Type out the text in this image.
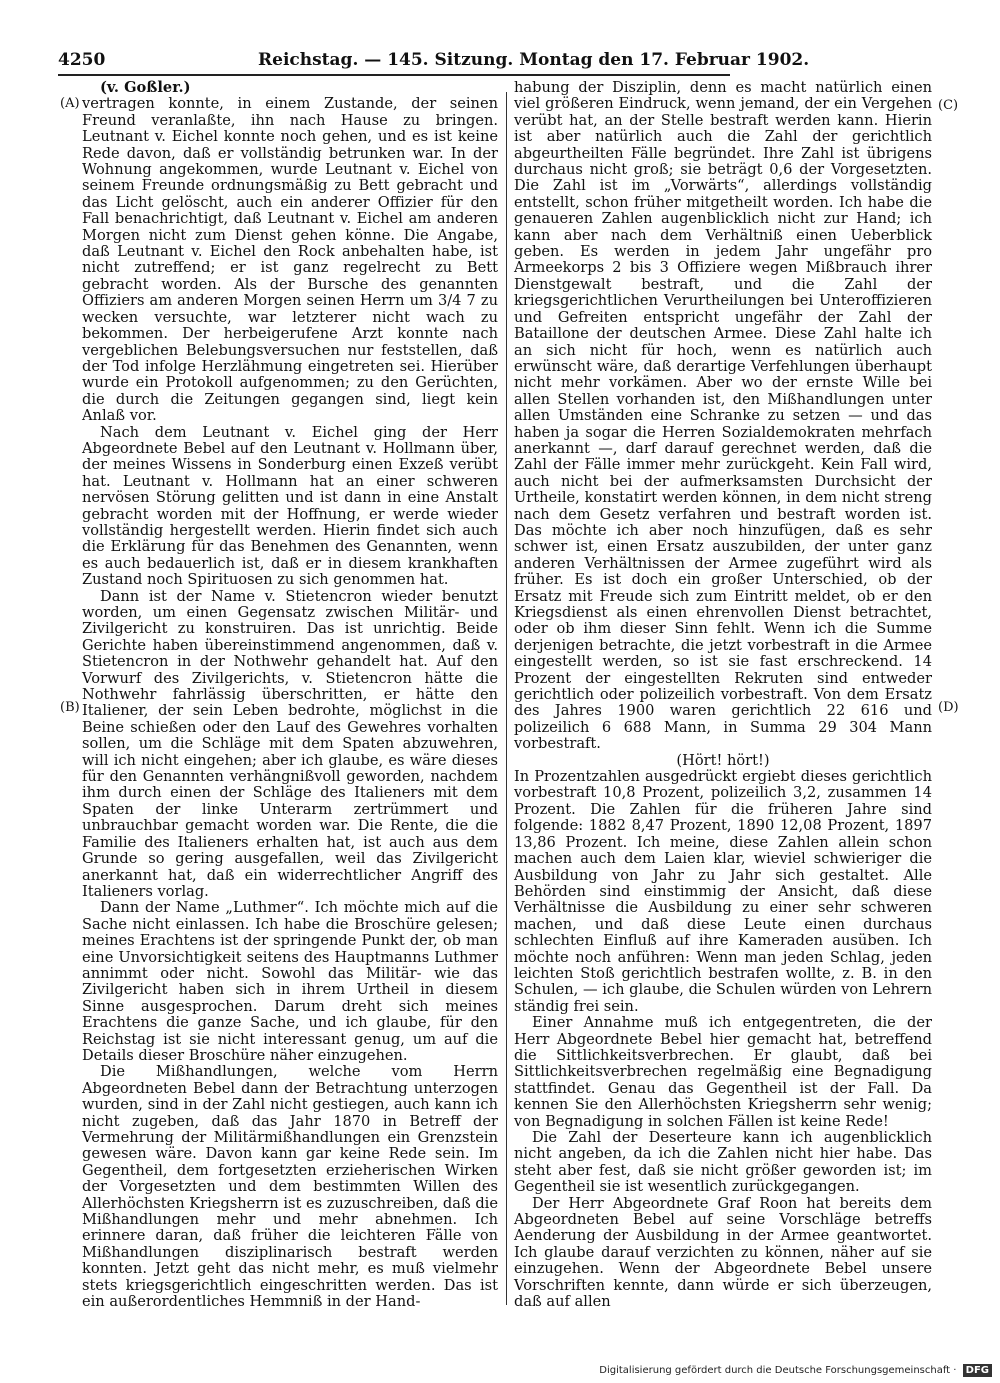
4250	Reichstag. — 145. Sitzung. Montag den 17. Februar 1902.
(A)
(B)
(C)
(D)

(v. Goßler.)

vertragen konnte, in einem Zustande, der seinen Freund veranlaßte, ihn nach Hause zu bringen. Leutnant v. Eichel konnte noch gehen, und es ist keine Rede davon, daß er vollständig betrunken war. In der Wohnung angekommen, wurde Leutnant v. Eichel von seinem Freunde ordnungsmäßig zu Bett gebracht und das Licht gelöscht, auch ein anderer Offizier für den Fall benachrichtigt, daß Leutnant v. Eichel am anderen Morgen nicht zum Dienst gehen könne. Die Angabe, daß Leutnant v. Eichel den Rock anbehalten habe, ist nicht zutreffend; er ist ganz regelrecht zu Bett gebracht worden. Als der Bursche des genannten Offiziers am anderen Morgen seinen Herrn um 3/4 7 zu wecken versuchte, war letzterer nicht wach zu bekommen. Der herbeigerufene Arzt konnte nach vergeblichen Belebungsversuchen nur feststellen, daß der Tod infolge Herzlähmung eingetreten sei. Hierüber wurde ein Protokoll aufgenommen; zu den Gerüchten, die durch die Zeitungen gegangen sind, liegt kein Anlaß vor.

Nach dem Leutnant v. Eichel ging der Herr Abgeordnete Bebel auf den Leutnant v. Hollmann über, der meines Wissens in Sonderburg einen Exzeß verübt hat. Leutnant v. Hollmann hat an einer schweren nervösen Störung gelitten und ist dann in eine Anstalt gebracht worden mit der Hoffnung, er werde wieder vollständig hergestellt werden. Hierin findet sich auch die Erklärung für das Benehmen des Genannten, wenn es auch bedauerlich ist, daß er in diesem krankhaften Zustand noch Spirituosen zu sich genommen hat.

Dann ist der Name v. Stietencron wieder benutzt worden, um einen Gegensatz zwischen Militär- und Zivilgericht zu konstruiren. Das ist unrichtig. Beide Gerichte haben übereinstimmend angenommen, daß v. Stietencron in der Nothwehr gehandelt hat. Auf den Vorwurf des Zivilgerichts, v. Stietencron hätte die Nothwehr fahrlässig überschritten, er hätte den Italiener, der sein Leben bedrohte, möglichst in die Beine schießen oder den Lauf des Gewehres vorhalten sollen, um die Schläge mit dem Spaten abzuwehren, will ich nicht eingehen; aber ich glaube, es wäre dieses für den Genannten verhängnißvoll geworden, nachdem ihm durch einen der Schläge des Italieners mit dem Spaten der linke Unterarm zertrümmert und unbrauchbar gemacht worden war. Die Rente, die die Familie des Italieners erhalten hat, ist auch aus dem Grunde so gering ausgefallen, weil das Zivilgericht anerkannt hat, daß ein widerrechtlicher Angriff des Italieners vorlag.

Dann der Name „Luthmer“. Ich möchte mich auf die Sache nicht einlassen. Ich habe die Broschüre gelesen; meines Erachtens ist der springende Punkt der, ob man eine Unvorsichtigkeit seitens des Hauptmanns Luthmer annimmt oder nicht. Sowohl das Militär- wie das Zivilgericht haben sich in ihrem Urtheil in diesem Sinne ausgesprochen. Darum dreht sich meines Erachtens die ganze Sache, und ich glaube, für den Reichstag ist sie nicht interessant genug, um auf die Details dieser Broschüre näher einzugehen.

Die Mißhandlungen, welche vom Herrn Abgeordneten Bebel dann der Betrachtung unterzogen wurden, sind in der Zahl nicht gestiegen, auch kann ich nicht zugeben, daß das Jahr 1870 in Betreff der Vermehrung der Militärmißhandlungen ein Grenzstein gewesen wäre. Davon kann gar keine Rede sein. Im Gegentheil, dem fortgesetzten erzieherischen Wirken der Vorgesetzten und dem bestimmten Willen des Allerhöchsten Kriegsherrn ist es zuzuschreiben, daß die Mißhandlungen mehr und mehr abnehmen. Ich erinnere daran, daß früher die leichteren Fälle von Mißhandlungen disziplinarisch bestraft werden konnten. Jetzt geht das nicht mehr, es muß vielmehr stets kriegsgerichtlich eingeschritten werden. Das ist ein außerordentliches Hemmniß in der Hand-

habung der Disziplin, denn es macht natürlich einen viel größeren Eindruck, wenn jemand, der ein Vergehen verübt hat, an der Stelle bestraft werden kann. Hierin ist aber natürlich auch die Zahl der gerichtlich abgeurtheilten Fälle begründet. Ihre Zahl ist übrigens durchaus nicht groß; sie beträgt 0,6 der Vorgesetzten. Die Zahl ist im „Vorwärts“, allerdings vollständig entstellt, schon früher mitgetheilt worden. Ich habe die genaueren Zahlen augenblicklich nicht zur Hand; ich kann aber nach dem Verhältniß einen Ueberblick geben. Es werden in jedem Jahr ungefähr pro Armeekorps 2 bis 3 Offiziere wegen Mißbrauch ihrer Dienstgewalt bestraft, und die Zahl der kriegsgerichtlichen Verurtheilungen bei Unteroffizieren und Gefreiten entspricht ungefähr der Zahl der Bataillone der deutschen Armee. Diese Zahl halte ich an sich nicht für hoch, wenn es natürlich auch erwünscht wäre, daß derartige Verfehlungen überhaupt nicht mehr vorkämen. Aber wo der ernste Wille bei allen Stellen vorhanden ist, den Mißhandlungen unter allen Umständen eine Schranke zu setzen — und das haben ja sogar die Herren Sozialdemokraten mehrfach anerkannt —, darf darauf gerechnet werden, daß die Zahl der Fälle immer mehr zurückgeht. Kein Fall wird, auch nicht bei der aufmerksamsten Durchsicht der Urtheile, konstatirt werden können, in dem nicht streng nach dem Gesetz verfahren und bestraft worden ist. Das möchte ich aber noch hinzufügen, daß es sehr schwer ist, einen Ersatz auszubilden, der unter ganz anderen Verhältnissen der Armee zugeführt wird als früher. Es ist doch ein großer Unterschied, ob der Ersatz mit Freude sich zum Eintritt meldet, ob er den Kriegsdienst als einen ehrenvollen Dienst betrachtet, oder ob ihm dieser Sinn fehlt. Wenn ich die Summe derjenigen betrachte, die jetzt vorbestraft in die Armee eingestellt werden, so ist sie fast erschreckend. 14 Prozent der eingestellten Rekruten sind entweder gerichtlich oder polizeilich vorbestraft. Von dem Ersatz des Jahres 1900 waren gerichtlich 22 616 und polizeilich 6 688 Mann, in Summa 29 304 Mann vorbestraft.

(Hört! hört!)

In Prozentzahlen ausgedrückt ergiebt dieses gerichtlich vorbestraft 10,8 Prozent, polizeilich 3,2, zusammen 14 Prozent. Die Zahlen für die früheren Jahre sind folgende: 1882 8,47 Prozent, 1890 12,08 Prozent, 1897 13,86 Prozent. Ich meine, diese Zahlen allein schon machen auch dem Laien klar, wieviel schwieriger die Ausbildung von Jahr zu Jahr sich gestaltet. Alle Behörden sind einstimmig der Ansicht, daß diese Verhältnisse die Ausbildung zu einer sehr schweren machen, und daß diese Leute einen durchaus schlechten Einfluß auf ihre Kameraden ausüben. Ich möchte noch anführen: Wenn man jeden Schlag, jeden leichten Stoß gerichtlich bestrafen wollte, z. B. in den Schulen, — ich glaube, die Schulen würden von Lehrern ständig frei sein.

Einer Annahme muß ich entgegentreten, die der Herr Abgeordnete Bebel hier gemacht hat, betreffend die Sittlichkeitsverbrechen. Er glaubt, daß bei Sittlichkeitsverbrechen regelmäßig eine Begnadigung stattfindet. Genau das Gegentheil ist der Fall. Da kennen Sie den Allerhöchsten Kriegsherrn sehr wenig; von Begnadigung in solchen Fällen ist keine Rede!

Die Zahl der Deserteure kann ich augenblicklich nicht angeben, da ich die Zahlen nicht hier habe. Das steht aber fest, daß sie nicht größer geworden ist; im Gegentheil sie ist wesentlich zurückgegangen.

Der Herr Abgeordnete Graf Roon hat bereits dem Abgeordneten Bebel auf seine Vorschläge betreffs Aenderung der Ausbildung in der Armee geantwortet. Ich glaube darauf verzichten zu können, näher auf sie einzugehen. Wenn der Abgeordnete Bebel unsere Vorschriften kennte, dann würde er sich überzeugen, daß auf allen

Digitalisierung gefördert durch die Deutsche Forschungsgemeinschaft · DFG
